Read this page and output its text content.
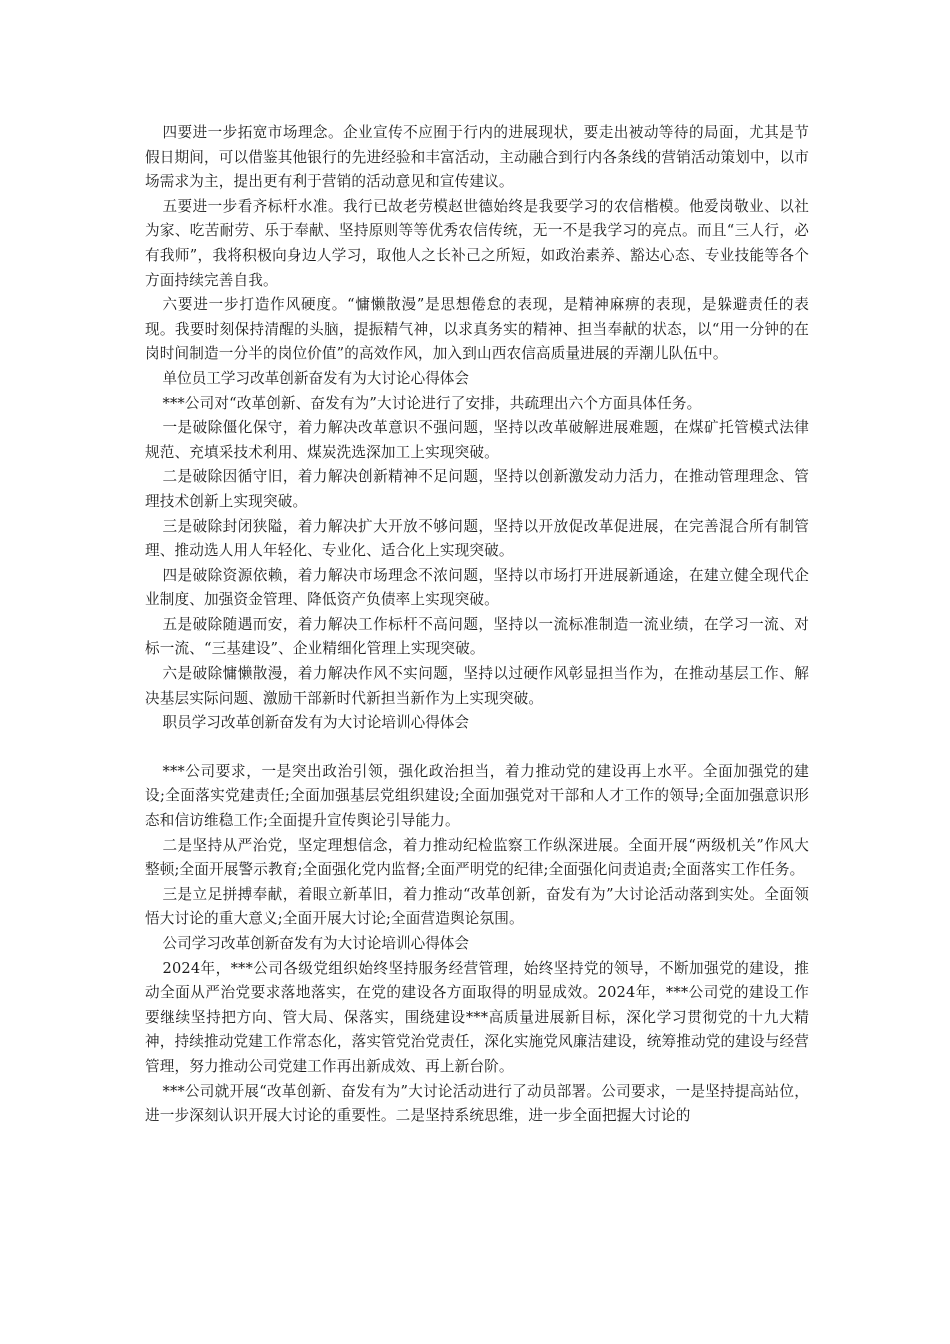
四要进一步拓宽市场理念。企业宣传不应囿于行内的进展现状，要走出被动等待的局面，尤其是节假日期间，可以借鉴其他银行的先进经验和丰富活动，主动融合到行内各条线的营销活动策划中，以市场需求为主，提出更有利于营销的活动意见和宣传建议。

五要进一步看齐标杆水准。我行已故老劳模赵世德始终是我要学习的农信楷模。他爱岗敬业、以社为家、吃苦耐劳、乐于奉献、坚持原则等等优秀农信传统，无一不是我学习的亮点。而且“三人行，必有我师”，我将积极向身边人学习，取他人之长补己之所短，如政治素养、豁达心态、专业技能等各个方面持续完善自我。

六要进一步打造作风硬度。“慵懒散漫”是思想倦怠的表现，是精神麻痹的表现，是躲避责任的表现。我要时刻保持清醒的头脑，提振精气神，以求真务实的精神、担当奉献的状态，以“用一分钟的在岗时间制造一分半的岗位价值”的高效作风，加入到山西农信高质量进展的弄潮儿队伍中。

单位员工学习改革创新奋发有为大讨论心得体会

***公司对“改革创新、奋发有为”大讨论进行了安排，共疏理出六个方面具体任务。

一是破除僵化保守，着力解决改革意识不强问题，坚持以改革破解进展难题，在煤矿托管模式法律规范、充填采技术利用、煤炭洗选深加工上实现突破。

二是破除因循守旧，着力解决创新精神不足问题，坚持以创新激发动力活力，在推动管理理念、管理技术创新上实现突破。

三是破除封闭狭隘，着力解决扩大开放不够问题，坚持以开放促改革促进展，在完善混合所有制管理、推动选人用人年轻化、专业化、适合化上实现突破。

四是破除资源依赖，着力解决市场理念不浓问题，坚持以市场打开进展新通途，在建立健全现代企业制度、加强资金管理、降低资产负债率上实现突破。

五是破除随遇而安，着力解决工作标杆不高问题，坚持以一流标准制造一流业绩，在学习一流、对标一流、“三基建设”、企业精细化管理上实现突破。

六是破除慵懒散漫，着力解决作风不实问题，坚持以过硬作风彰显担当作为，在推动基层工作、解决基层实际问题、激励干部新时代新担当新作为上实现突破。

职员学习改革创新奋发有为大讨论培训心得体会

***公司要求，一是突出政治引领，强化政治担当，着力推动党的建设再上水平。全面加强党的建设;全面落实党建责任;全面加强基层党组织建设;全面加强党对干部和人才工作的领导;全面加强意识形态和信访维稳工作;全面提升宣传舆论引导能力。

二是坚持从严治党，坚定理想信念，着力推动纪检监察工作纵深进展。全面开展“两级机关”作风大整顿;全面开展警示教育;全面强化党内监督;全面严明党的纪律;全面强化问责追责;全面落实工作任务。

三是立足拼搏奉献，着眼立新革旧，着力推动“改革创新，奋发有为”大讨论活动落到实处。全面领悟大讨论的重大意义;全面开展大讨论;全面营造舆论氛围。

公司学习改革创新奋发有为大讨论培训心得体会

2024年，***公司各级党组织始终坚持服务经营管理，始终坚持党的领导，不断加强党的建设，推动全面从严治党要求落地落实，在党的建设各方面取得的明显成效。2024年，***公司党的建设工作要继续坚持把方向、管大局、保落实，围绕建设***高质量进展新目标，深化学习贯彻党的十九大精神，持续推动党建工作常态化，落实管党治党责任，深化实施党风廉洁建设，统筹推动党的建设与经营管理，努力推动公司党建工作再出新成效、再上新台阶。

***公司就开展“改革创新、奋发有为”大讨论活动进行了动员部署。公司要求，一是坚持提高站位，进一步深刻认识开展大讨论的重要性。二是坚持系统思维，进一步全面把握大讨论的
